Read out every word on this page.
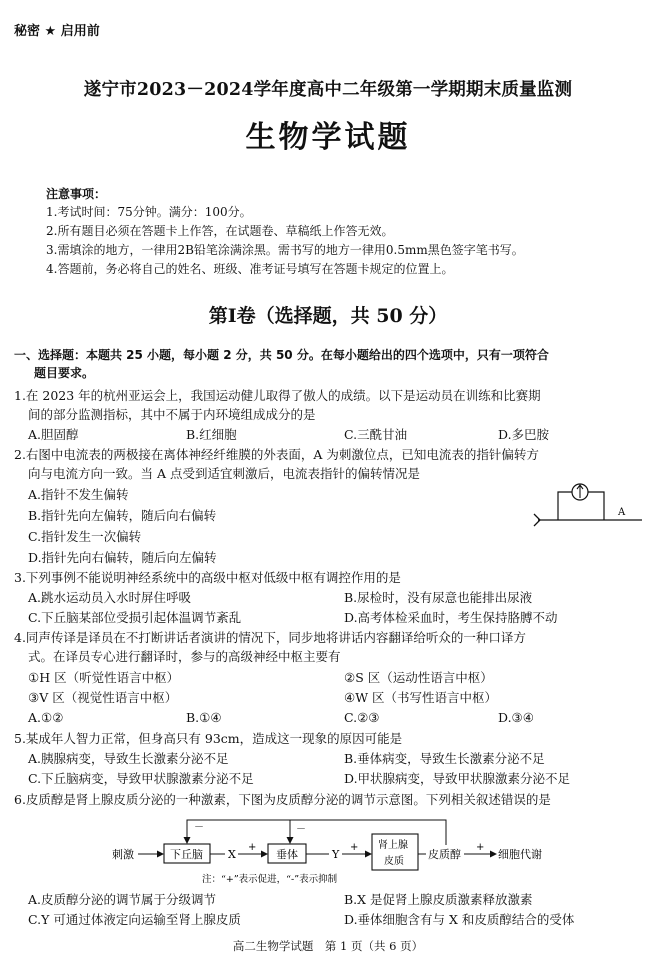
秘密 ★ 启用前
遂宁市2023－2024学年度高中二年级第一学期期末质量监测
生物学试题
注意事项：
1.考试时间：75分钟。满分：100分。
2.所有题目必须在答题卡上作答，在试题卷、草稿纸上作答无效。
3.需填涂的地方，一律用2B铅笔涂满涂黑。需书写的地方一律用0.5mm黑色签字笔书写。
4.答题前，务必将自己的姓名、班级、准考证号填写在答题卡规定的位置上。
第Ⅰ卷（选择题，共 50 分）
一、选择题：本题共 25 小题，每小题 2 分，共 50 分。在每小题给出的四个选项中，只有一项符合
题目要求。
1.在 2023 年的杭州亚运会上，我国运动健儿取得了傲人的成绩。以下是运动员在训练和比赛期
间的部分监测指标，其中不属于内环境组成成分的是
A.胆固醇	B.红细胞	C.三酰甘油	D.多巴胺
2.右图中电流表的两极接在离体神经纤维膜的外表面，A 为刺激位点，已知电流表的指针偏转方
向与电流方向一致。当 A 点受到适宜刺激后，电流表指针的偏转情况是
A.指针不发生偏转
B.指针先向左偏转，随后向右偏转
C.指针发生一次偏转
D.指针先向右偏转，随后向左偏转
A
3.下列事例不能说明神经系统中的高级中枢对低级中枢有调控作用的是
A.跳水运动员入水时屏住呼吸	B.尿检时，没有尿意也能排出尿液
C.下丘脑某部位受损引起体温调节紊乱	D.高考体检采血时，考生保持胳膊不动
4.同声传译是译员在不打断讲话者演讲的情况下，同步地将讲话内容翻译给听众的一种口译方
式。在译员专心进行翻译时，参与的高级神经中枢主要有
①H 区（听觉性语言中枢）	②S 区（运动性语言中枢）
③V 区（视觉性语言中枢）	④W 区（书写性语言中枢）
A.①②	B.①④	C.②③	D.③④
5.某成年人智力正常，但身高只有 93cm，造成这一现象的原因可能是
A.胰腺病变，导致生长激素分泌不足	B.垂体病变，导致生长激素分泌不足
C.下丘脑病变，导致甲状腺激素分泌不足	D.甲状腺病变，导致甲状腺激素分泌不足
6.皮质醇是肾上腺皮质分泌的一种激素，下图为皮质醇分泌的调节示意图。下列相关叙述错误的是
刺激	下丘脑	垂体
肾上腺
皮质
皮质醇	细胞代谢
X	Y
+	+	+
－	－
注：“+”表示促进，“-”表示抑制
A.皮质醇分泌的调节属于分级调节	B.X 是促肾上腺皮质激素释放激素
C.Y 可通过体液定向运输至肾上腺皮质	D.垂体细胞含有与 X 和皮质醇结合的受体
高二生物学试题　第 1 页（共 6 页）
